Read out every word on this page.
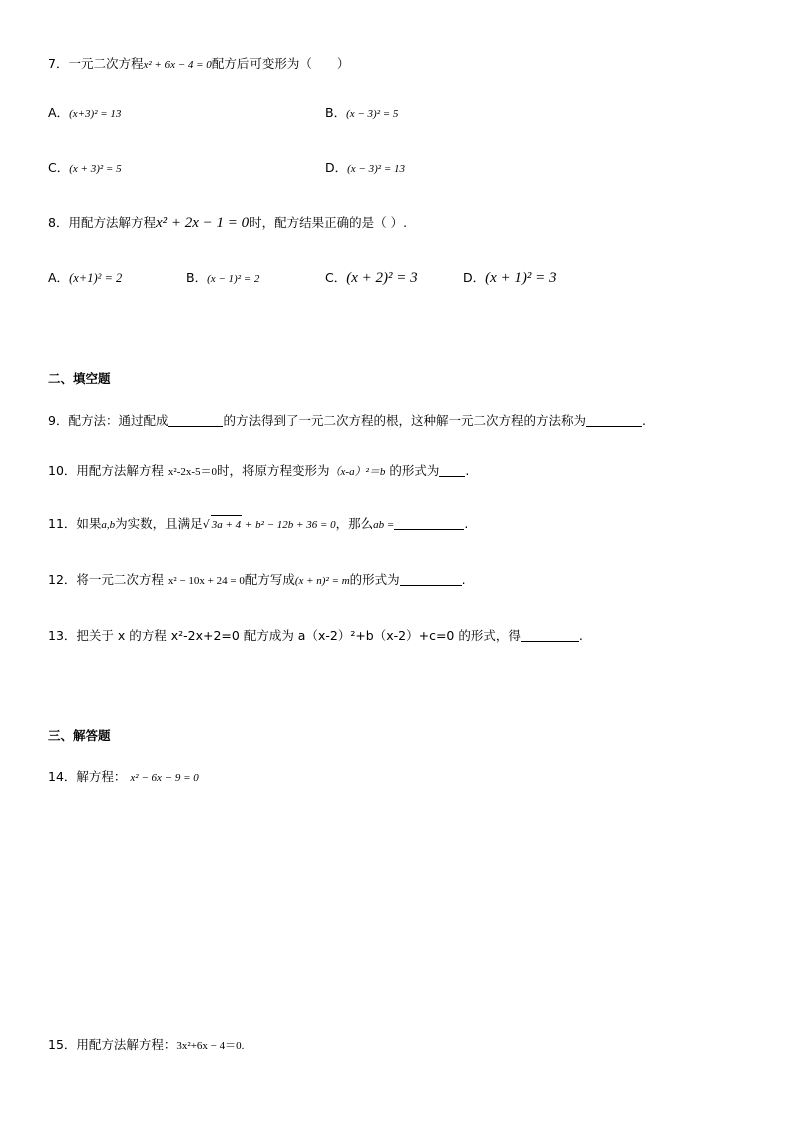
7．一元二次方程x² + 6x − 4 = 0配方后可变形为（　　）
A．(x+3)² = 13	B．(x − 3)² = 5
C．(x + 3)² = 5	D．(x − 3)² = 13
8．用配方法解方程x² + 2x − 1 = 0时，配方结果正确的是（ ）.
A．(x+1)² = 2	B．(x − 1)² = 2	C．(x + 2)² = 3	D．(x + 1)² = 3
二、填空题
9．配方法：通过配成	的方法得到了一元二次方程的根，这种解一元二次方程的方法称为	.
10．用配方法解方程 x²-2x-5＝0时，将原方程变形为（x-a）²＝b 的形式为 .
11．如果a,b为实数，且满足√ 3a + 4 + b² − 12b + 36 = 0，那么ab =	.
12．将一元二次方程 x² − 10x + 24 = 0配方写成(x + n)² = m的形式为	.
13．把关于 x 的方程 x²-2x+2=0 配方成为 a（x-2）²+b（x-2）+c=0 的形式，得	.
三、解答题
14．解方程： x² − 6x − 9 = 0
15．用配方法解方程：3x²+6x − 4＝0.
